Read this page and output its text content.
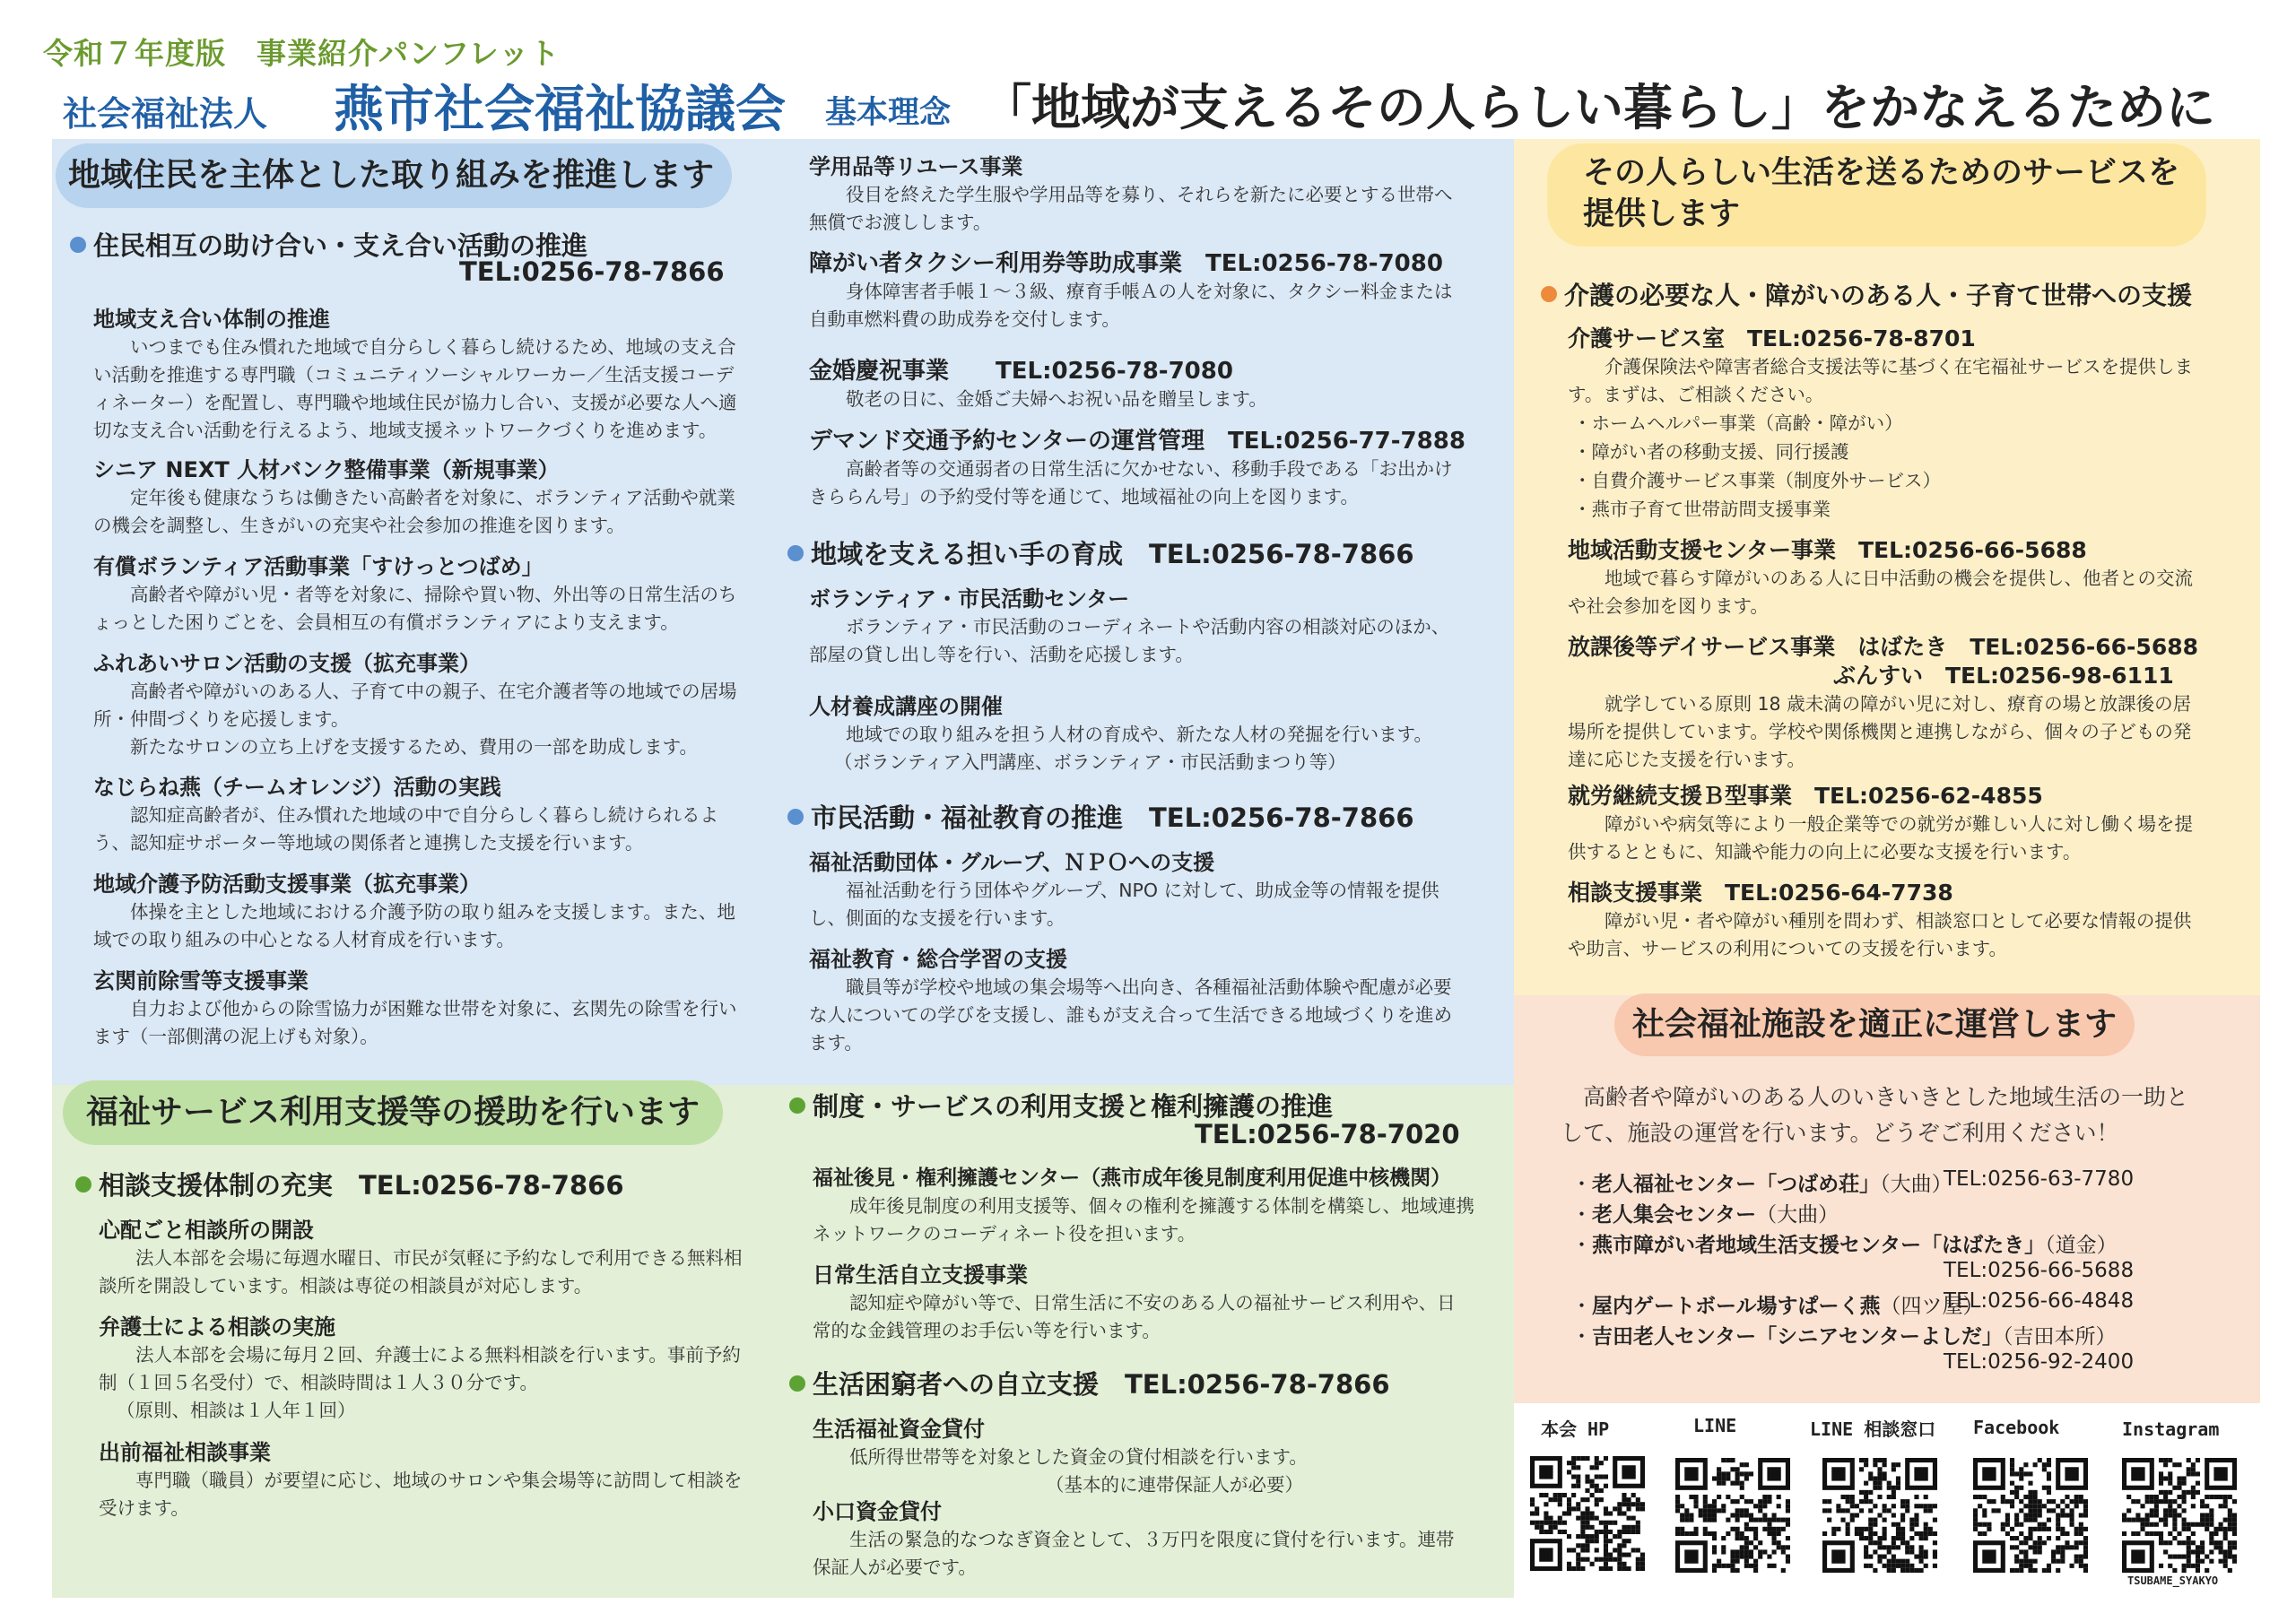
令和７年度版　事業紹介パンフレット
社会福祉法人 燕市社会福祉協議会 基本理念 「地域が支えるその人らしい暮らし」をかなえるために
地域住民を主体とした取り組みを推進します
住民相互の助け合い・支え合い活動の推進
TEL:0256-78-7866
地域支え合い体制の推進
いつまでも住み慣れた地域で自分らしく暮らし続けるため、地域の支え合い活動を推進する専門職（コミュニティソーシャルワーカー／生活支援コーディネーター）を配置し、専門職や地域住民が協力し合い、支援が必要な人へ適切な支え合い活動を行えるよう、地域支援ネットワークづくりを進めます。
シニア NEXT 人材バンク整備事業（新規事業）
定年後も健康なうちは働きたい高齢者を対象に、ボランティア活動や就業の機会を調整し、生きがいの充実や社会参加の推進を図ります。
有償ボランティア活動事業「すけっとつばめ」
高齢者や障がい児・者等を対象に、掃除や買い物、外出等の日常生活のちょっとした困りごとを、会員相互の有償ボランティアにより支えます。
ふれあいサロン活動の支援（拡充事業）
高齢者や障がいのある人、子育て中の親子、在宅介護者等の地域での居場所・仲間づくりを応援します。
新たなサロンの立ち上げを支援するため、費用の一部を助成します。
なじらね燕（チームオレンジ）活動の実践
認知症高齢者が、住み慣れた地域の中で自分らしく暮らし続けられるよう、認知症サポーター等地域の関係者と連携した支援を行います。
地域介護予防活動支援事業（拡充事業）
体操を主とした地域における介護予防の取り組みを支援します。また、地域での取り組みの中心となる人材育成を行います。
玄関前除雪等支援事業
自力および他からの除雪協力が困難な世帯を対象に、玄関先の除雪を行います（一部側溝の泥上げも対象）。
学用品等リユース事業
役目を終えた学生服や学用品等を募り、それらを新たに必要とする世帯へ無償でお渡しします。
障がい者タクシー利用券等助成事業　TEL:0256-78-7080
身体障害者手帳１～３級、療育手帳Ａの人を対象に、タクシー料金または自動車燃料費の助成券を交付します。
金婚慶祝事業　　TEL:0256-78-7080
敬老の日に、金婚ご夫婦へお祝い品を贈呈します。
デマンド交通予約センターの運営管理　TEL:0256-77-7888
高齢者等の交通弱者の日常生活に欠かせない、移動手段である「お出かけきららん号」の予約受付等を通じて、地域福祉の向上を図ります。
地域を支える担い手の育成　TEL:0256-78-7866
ボランティア・市民活動センター
ボランティア・市民活動のコーディネートや活動内容の相談対応のほか、部屋の貸し出し等を行い、活動を応援します。
人材養成講座の開催
地域での取り組みを担う人材の育成や、新たな人材の発掘を行います。
（ボランティア入門講座、ボランティア・市民活動まつり等）
市民活動・福祉教育の推進　TEL:0256-78-7866
福祉活動団体・グループ、ＮＰＯへの支援
福祉活動を行う団体やグループ、NPO に対して、助成金等の情報を提供し、側面的な支援を行います。
福祉教育・総合学習の支援
職員等が学校や地域の集会場等へ出向き、各種福祉活動体験や配慮が必要な人についての学びを支援し、誰もが支え合って生活できる地域づくりを進めます。
福祉サービス利用支援等の援助を行います
相談支援体制の充実　TEL:0256-78-7866
心配ごと相談所の開設
法人本部を会場に毎週水曜日、市民が気軽に予約なしで利用できる無料相談所を開設しています。相談は専従の相談員が対応します。
弁護士による相談の実施
法人本部を会場に毎月２回、弁護士による無料相談を行います。事前予約制（１回５名受付）で、相談時間は１人３０分です。
（原則、相談は１人年１回）
出前福祉相談事業
専門職（職員）が要望に応じ、地域のサロンや集会場等に訪問して相談を受けます。
制度・サービスの利用支援と権利擁護の推進
TEL:0256-78-7020
福祉後見・権利擁護センター（燕市成年後見制度利用促進中核機関）
成年後見制度の利用支援等、個々の権利を擁護する体制を構築し、地域連携ネットワークのコーディネート役を担います。
日常生活自立支援事業
認知症や障がい等で、日常生活に不安のある人の福祉サービス利用や、日常的な金銭管理のお手伝い等を行います。
生活困窮者への自立支援　TEL:0256-78-7866
生活福祉資金貸付
低所得世帯等を対象とした資金の貸付相談を行います。
（基本的に連帯保証人が必要）
小口資金貸付
生活の緊急的なつなぎ資金として、３万円を限度に貸付を行います。連帯保証人が必要です。
その人らしい生活を送るためのサービスを提供します
介護の必要な人・障がいのある人・子育て世帯への支援
介護サービス室　TEL:0256-78-8701
介護保険法や障害者総合支援法等に基づく在宅福祉サービスを提供します。まずは、ご相談ください。
・ホームヘルパー事業（高齢・障がい）
・障がい者の移動支援、同行援護
・自費介護サービス事業（制度外サービス）
・燕市子育て世帯訪問支援事業
地域活動支援センター事業　TEL:0256-66-5688
地域で暮らす障がいのある人に日中活動の機会を提供し、他者との交流や社会参加を図ります。
放課後等デイサービス事業　はばたき　TEL:0256-66-5688
ぶんすい　TEL:0256-98-6111
就学している原則 18 歳未満の障がい児に対し、療育の場と放課後の居場所を提供しています。学校や関係機関と連携しながら、個々の子どもの発達に応じた支援を行います。
就労継続支援Ｂ型事業　TEL:0256-62-4855
障がいや病気等により一般企業等での就労が難しい人に対し働く場を提供するとともに、知識や能力の向上に必要な支援を行います。
相談支援事業　TEL:0256-64-7738
障がい児・者や障がい種別を問わず、相談窓口として必要な情報の提供や助言、サービスの利用についての支援を行います。
社会福祉施設を適正に運営します
高齢者や障がいのある人のいきいきとした地域生活の一助として、施設の運営を行います。どうぞご利用ください！
・老人福祉センター「つばめ荘」（大曲）
TEL:0256-63-7780
・老人集会センター（大曲）
・燕市障がい者地域生活支援センター「はばたき」（道金）
TEL:0256-66-5688
・屋内ゲートボール場すぱーく燕（四ツ屋）
TEL:0256-66-4848
・吉田老人センター「シニアセンターよしだ」（吉田本所）
TEL:0256-92-2400
本会 HP	LINE	LINE 相談窓口 Facebook	Instagram
TSUBAME_SYAKYO
